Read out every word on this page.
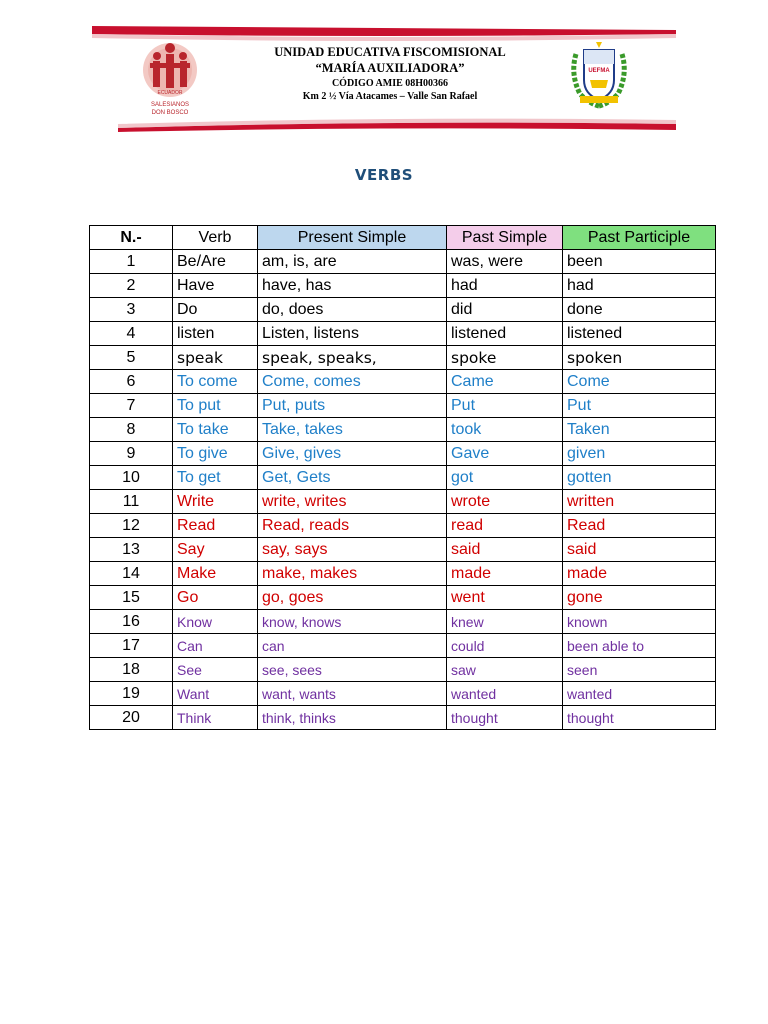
ECUADOR
SALESIANOS
DON BOSCO
UNIDAD EDUCATIVA FISCOMISIONAL
“MARÍA AUXILIADORA”
CÓDIGO AMIE 08H00366
Km 2 ½ Vía Atacames – Valle San Rafael
UEFMA
VERBS
N.-	Verb	Present Simple	Past Simple	Past Participle
1	Be/Are	am, is, are	was, were	been
2	Have	have, has	had	had
3	Do	do, does	did	done
4	listen	Listen, listens	listened	listened
5	speak	speak, speaks,	spoke	spoken
6	To come	Come, comes	Came	Come
7	To put	Put, puts	Put	Put
8	To take	Take, takes	took	Taken
9	To give	Give, gives	Gave	given
10	To get	Get, Gets	got	gotten
11	Write	write, writes	wrote	written
12	Read	Read, reads	read	Read
13	Say	say, says	said	said
14	Make	make, makes	made	made
15	Go	go, goes	went	gone
16	Know	know, knows	knew	known
17	Can	can	could	been able to
18	See	see, sees	saw	seen
19	Want	want, wants	wanted	wanted
20	Think	think, thinks	thought	thought
